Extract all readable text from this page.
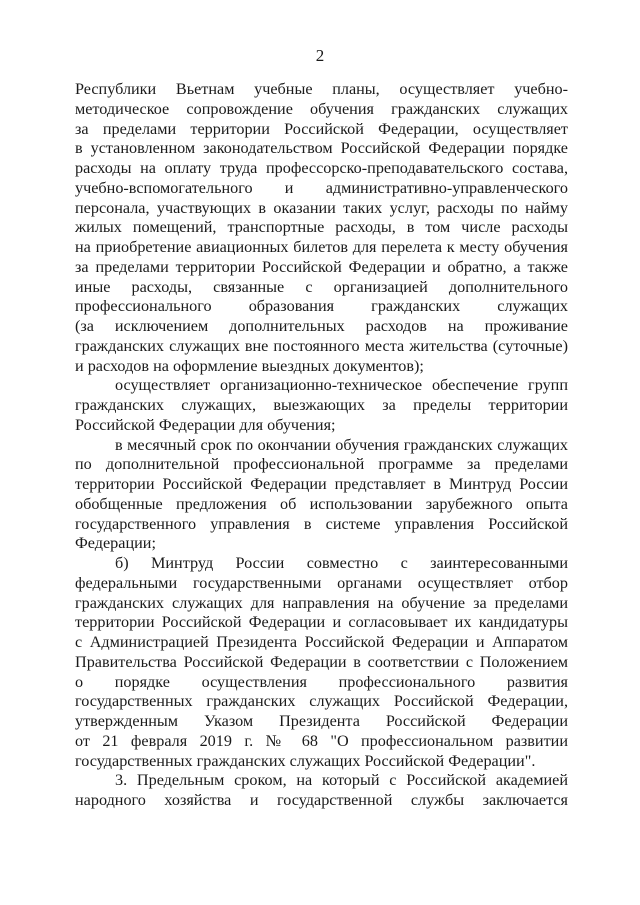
2
Республики Вьетнам учебные планы, осуществляет учебно-
методическое сопровождение обучения гражданских служащих
за пределами территории Российской Федерации, осуществляет
в установленном законодательством Российской Федерации порядке
расходы на оплату труда профессорско-преподавательского состава,
учебно-вспомогательного и административно-управленческого
персонала, участвующих в оказании таких услуг, расходы по найму
жилых помещений, транспортные расходы, в том числе расходы
на приобретение авиационных билетов для перелета к месту обучения
за пределами территории Российской Федерации и обратно, а также
иные расходы, связанные с организацией дополнительного
профессионального образования гражданских служащих
(за исключением дополнительных расходов на проживание
гражданских служащих вне постоянного места жительства (суточные)
и расходов на оформление выездных документов);
осуществляет организационно-техническое обеспечение групп
гражданских служащих, выезжающих за пределы территории
Российской Федерации для обучения;
в месячный срок по окончании обучения гражданских служащих
по дополнительной профессиональной программе за пределами
территории Российской Федерации представляет в Минтруд России
обобщенные предложения об использовании зарубежного опыта
государственного управления в системе управления Российской
Федерации;
б) Минтруд России совместно с заинтересованными
федеральными государственными органами осуществляет отбор
гражданских служащих для направления на обучение за пределами
территории Российской Федерации и согласовывает их кандидатуры
с Администрацией Президента Российской Федерации и Аппаратом
Правительства Российской Федерации в соответствии с Положением
о порядке осуществления профессионального развития
государственных гражданских служащих Российской Федерации,
утвержденным Указом Президента Российской Федерации
от 21 февраля 2019 г. № 68 "О профессиональном развитии
государственных гражданских служащих Российской Федерации".
3. Предельным сроком, на который с Российской академией
народного хозяйства и государственной службы заключается
